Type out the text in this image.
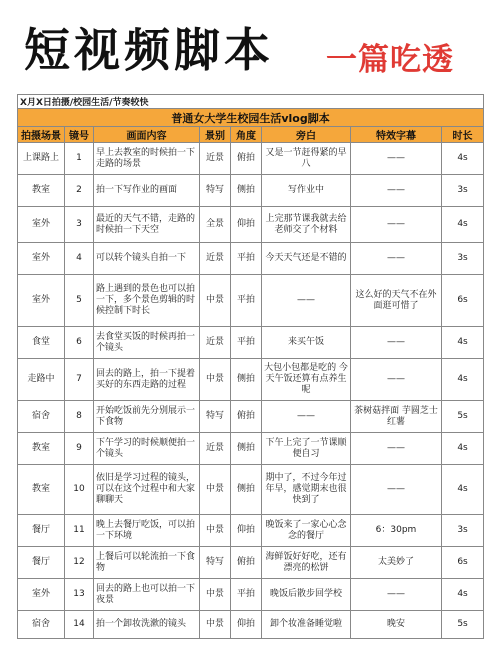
短视频脚本 一篇吃透
X月X日拍摄/校园生活/节奏较快							
普通女大学生校园生活vlog脚本							
拍摄场景	镜号	画面内容	景别	角度	旁白	特效字幕	时长
上课路上	1	早上去教室的时候拍一下走路的场景	近景	俯拍	又是一节赶得紧的早八	——	4s
教室	2	拍一下写作业的画面	特写	侧拍	写作业中	——	3s
室外	3	最近的天气不错，走路的时候拍一下天空	全景	仰拍	上完那节课我就去给老师交了个材料	——	4s
室外	4	可以转个镜头自拍一下	近景	平拍	今天天气还是不错的	——	3s
室外	5	路上遇到的景色也可以拍一下，多个景色剪辑的时候控制下时长	中景	平拍	——	这么好的天气不在外面逛可惜了	6s
食堂	6	去食堂买饭的时候再拍一个镜头	近景	平拍	来买午饭	——	4s
走路中	7	回去的路上，拍一下提着买好的东西走路的过程	中景	侧拍	大包小包都是吃的 今天午饭还算有点养生呢	——	4s
宿舍	8	开始吃饭前先分别展示一下食物	特写	俯拍	——	茶树菇拌面 芋圆芝士红薯	5s
教室	9	下午学习的时候顺便拍一个镜头	近景	侧拍	下午上完了一节课顺便自习	——	4s
教室	10	依旧是学习过程的镜头，可以在这个过程中和大家聊聊天	中景	侧拍	期中了，不过今年过年早，感觉期末也很快到了	——	4s
餐厅	11	晚上去餐厅吃饭，可以拍一下环境	中景	仰拍	晚饭来了一家心心念念的餐厅	6：30pm	3s
餐厅	12	上餐后可以轮流拍一下食物	特写	俯拍	海鲜饭好好吃，还有漂亮的松饼	太美妙了	6s
室外	13	回去的路上也可以拍一下夜景	中景	平拍	晚饭后散步回学校	——	4s
宿舍	14	拍一个卸妆洗漱的镜头	中景	仰拍	卸个妆准备睡觉啦	晚安	5s
